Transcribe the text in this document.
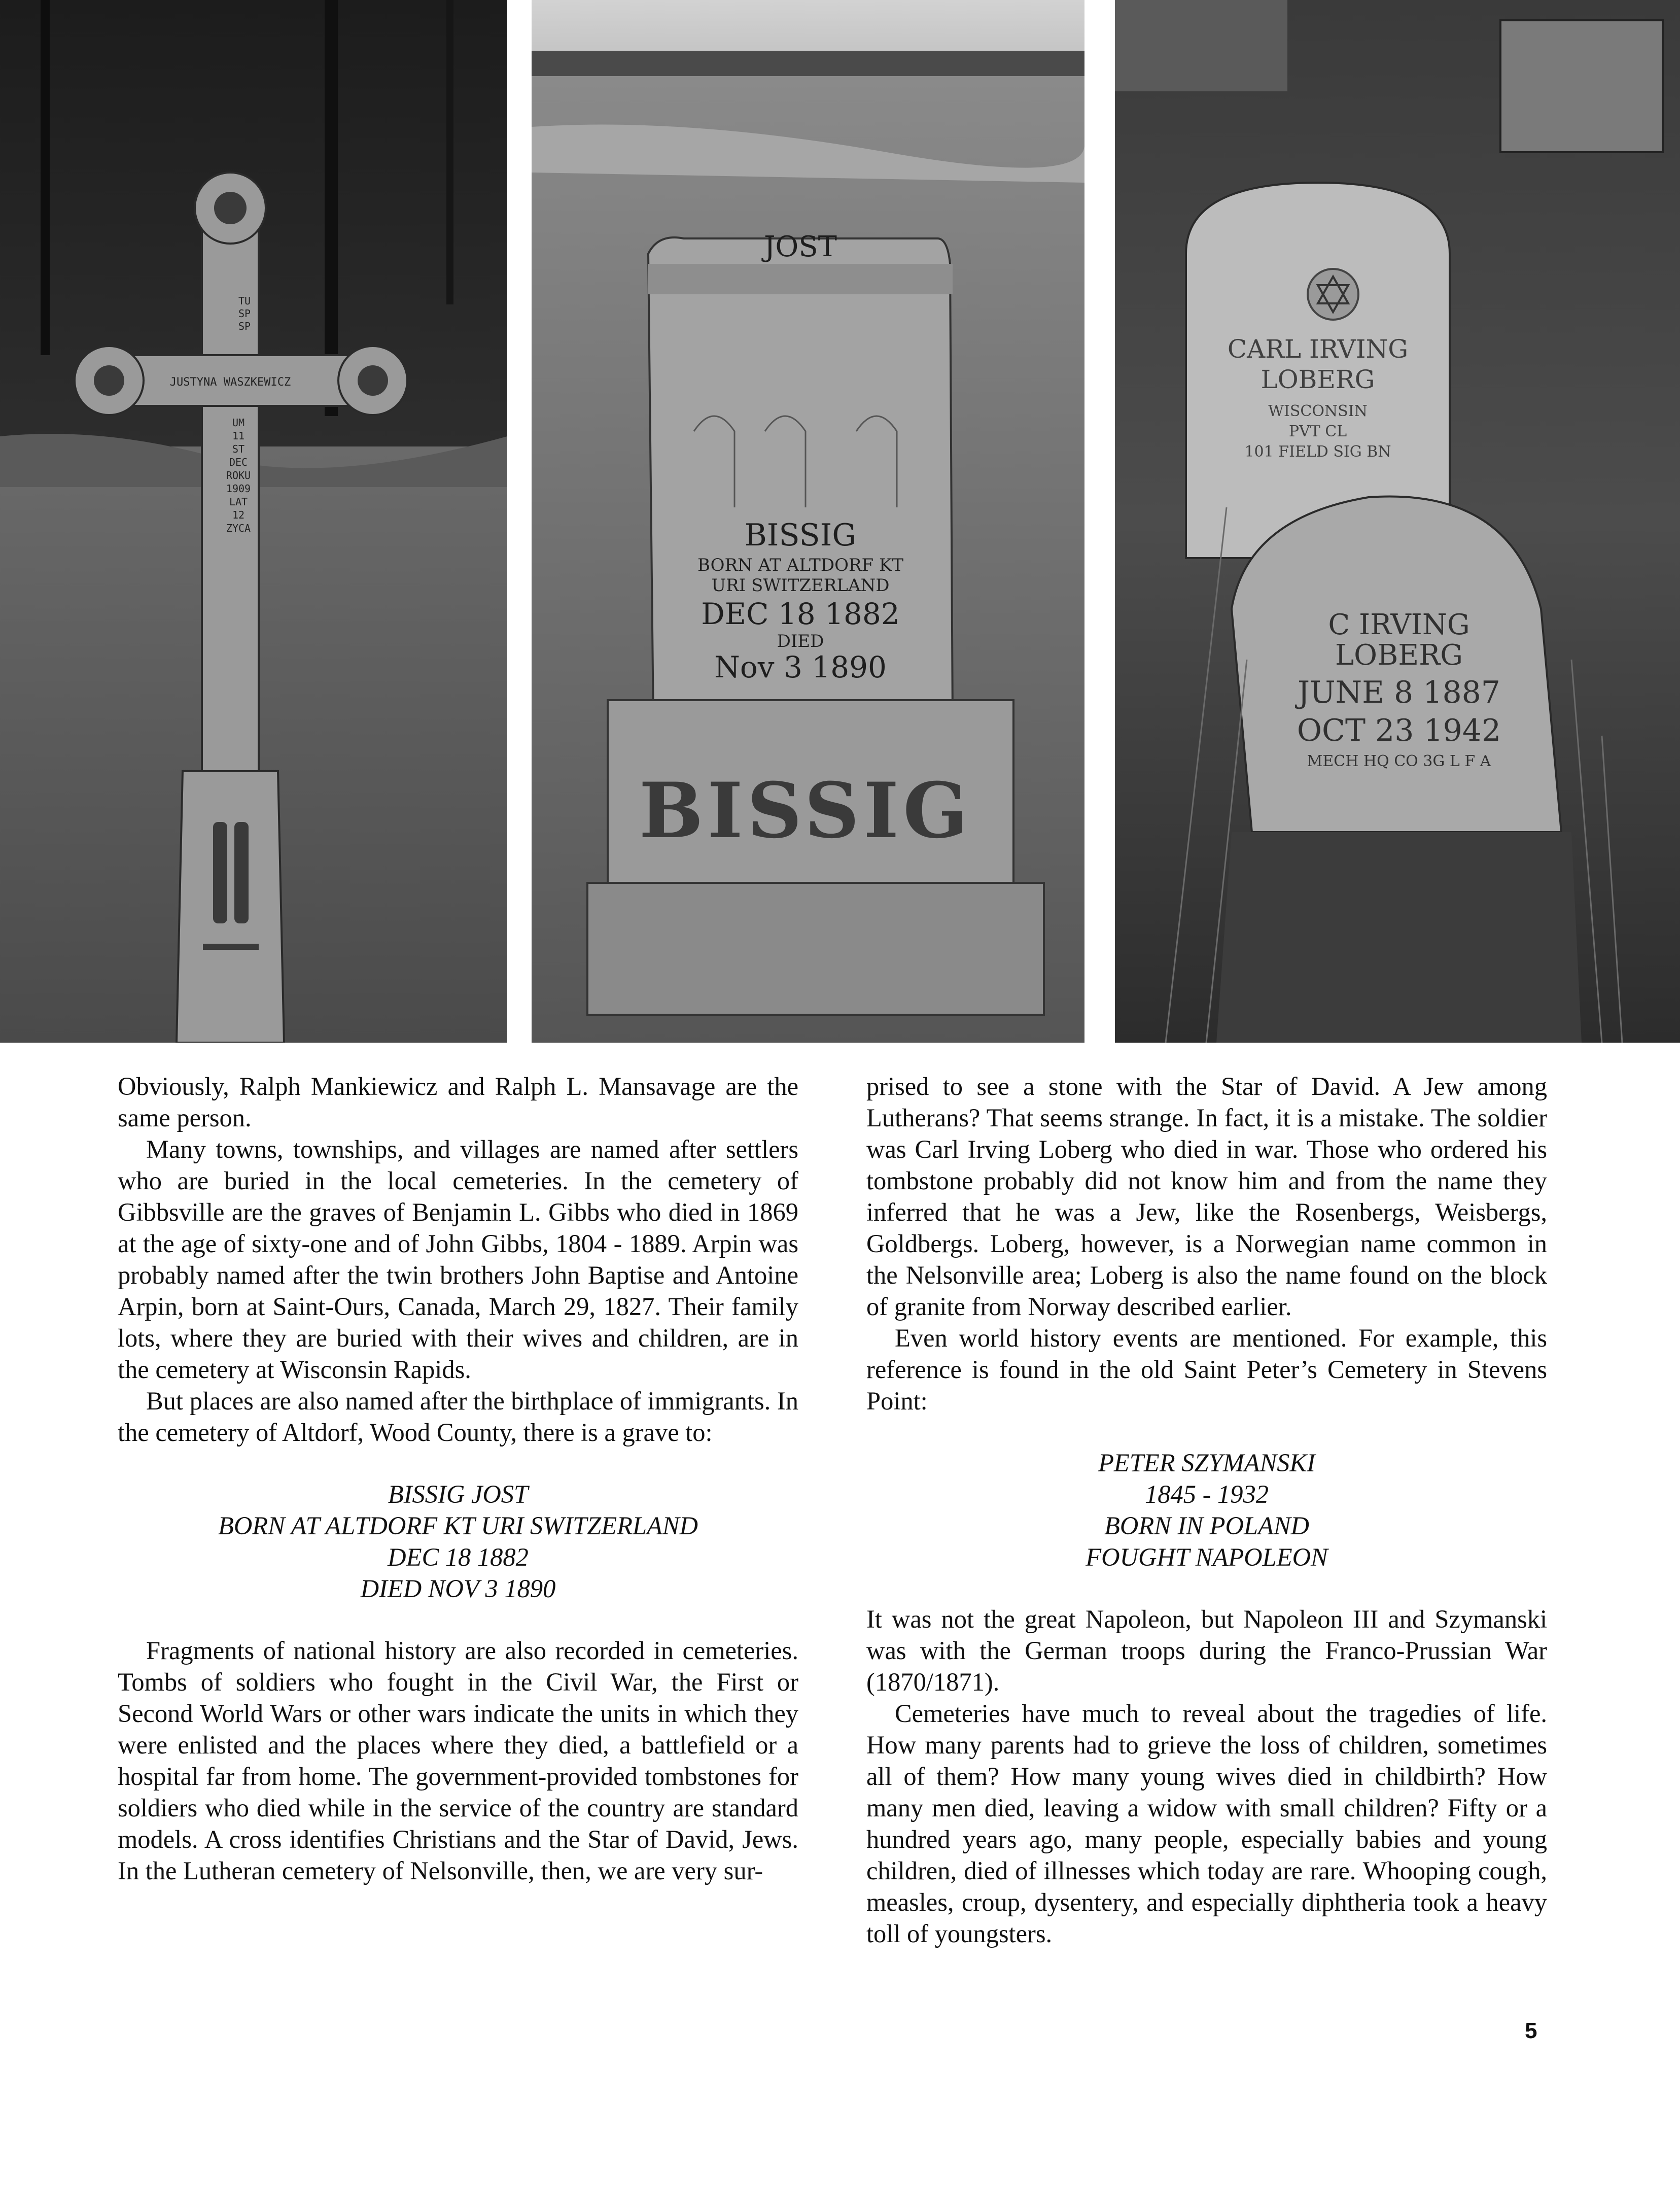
JUSTYNA WASZKEWICZ
TU
SP
SP
UM
11
ST
DEC
ROKU
1909
LAT
12
ZYCA
JOST
BISSIG
BORN AT ALTDORF KT
URI SWITZERLAND
DEC 18 1882
DIED
Nov 3 1890
BISSIG
CARL IRVING
LOBERG
WISCONSIN
PVT CL
101 FIELD SIG BN
C IRVING
LOBERG
JUNE 8 1887
OCT 23 1942
MECH HQ CO 3G L F A

Obviously, Ralph Mankiewicz and Ralph L. Mansavage are the same person.

Many towns, townships, and villages are named after settlers who are buried in the local cemeteries. In the cemetery of Gibbsville are the graves of Benjamin L. Gibbs who died in 1869 at the age of sixty-one and of John Gibbs, 1804 - 1889. Arpin was probably named after the twin brothers John Baptise and Antoine Arpin, born at Saint-Ours, Canada, March 29, 1827. Their family lots, where they are buried with their wives and children, are in the cemetery at Wisconsin Rapids.

But places are also named after the birthplace of immigrants. In the cemetery of Altdorf, Wood County, there is a grave to:

BISSIG JOST
BORN AT ALTDORF KT URI SWITZERLAND
DEC 18 1882
DIED NOV 3 1890

Fragments of national history are also recorded in cemeteries. Tombs of soldiers who fought in the Civil War, the First or Second World Wars or other wars indicate the units in which they were enlisted and the places where they died, a battlefield or a hospital far from home. The government-provided tombstones for soldiers who died while in the service of the country are standard models. A cross identifies Christians and the Star of David, Jews. In the Lutheran cemetery of Nelsonville, then, we are very sur-

prised to see a stone with the Star of David. A Jew among Lutherans? That seems strange. In fact, it is a mistake. The soldier was Carl Irving Loberg who died in war. Those who ordered his tombstone probably did not know him and from the name they inferred that he was a Jew, like the Rosenbergs, Weisbergs, Goldbergs. Loberg, however, is a Norwegian name common in the Nelsonville area; Loberg is also the name found on the block of granite from Norway described earlier.

Even world history events are mentioned. For example, this reference is found in the old Saint Peter’s Cemetery in Stevens Point:

PETER SZYMANSKI
1845 - 1932
BORN IN POLAND
FOUGHT NAPOLEON

It was not the great Napoleon, but Napoleon III and Szymanski was with the German troops during the Franco-Prussian War (1870/1871).

Cemeteries have much to reveal about the tragedies of life. How many parents had to grieve the loss of children, sometimes all of them? How many young wives died in childbirth? How many men died, leaving a widow with small children? Fifty or a hundred years ago, many people, especially babies and young children, died of illnesses which today are rare. Whooping cough, measles, croup, dysentery, and especially diphtheria took a heavy toll of youngsters.

5
